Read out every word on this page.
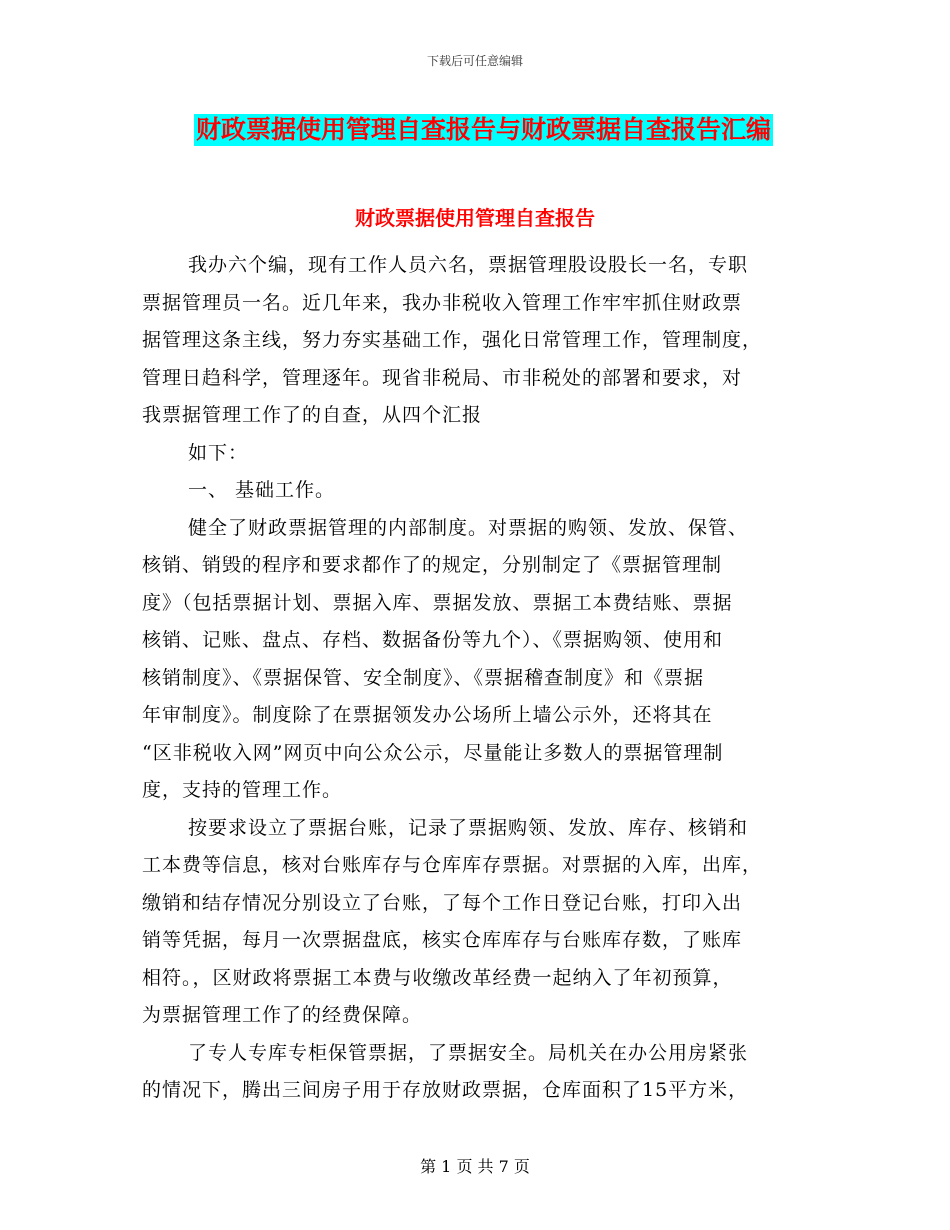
下载后可任意编辑
财政票据使用管理自查报告与财政票据自查报告汇编
财政票据使用管理自查报告
我办六个编，现有工作人员六名，票据管理股设股长一名，专职
票据管理员一名。近几年来，我办非税收入管理工作牢牢抓住财政票
据管理这条主线，努力夯实基础工作，强化日常管理工作，管理制度，
管理日趋科学，管理逐年。现省非税局、市非税处的部署和要求，对
我票据管理工作了的自查，从四个汇报
如下：
一、 基础工作。
健全了财政票据管理的内部制度。对票据的购领、发放、保管、
核销、销毁的程序和要求都作了的规定，分别制定了《票据管理制
度》（包括票据计划、票据入库、票据发放、票据工本费结账、票据
核销、记账、盘点、存档、数据备份等九个）、《票据购领、使用和
核销制度》、《票据保管、安全制度》、《票据稽查制度》和《票据
年审制度》。制度除了在票据领发办公场所上墙公示外，还将其在
“区非税收入网”网页中向公众公示，尽量能让多数人的票据管理制
度，支持的管理工作。
按要求设立了票据台账，记录了票据购领、发放、库存、核销和
工本费等信息，核对台账库存与仓库库存票据。对票据的入库，出库，
缴销和结存情况分别设立了台账，了每个工作日登记台账，打印入出
销等凭据，每月一次票据盘底，核实仓库库存与台账库存数，了账库
相符。，区财政将票据工本费与收缴改革经费一起纳入了年初预算，
为票据管理工作了的经费保障。
了专人专库专柜保管票据，了票据安全。局机关在办公用房紧张
的情况下，腾出三间房子用于存放财政票据，仓库面积了15平方米，
第 1 页 共 7 页
